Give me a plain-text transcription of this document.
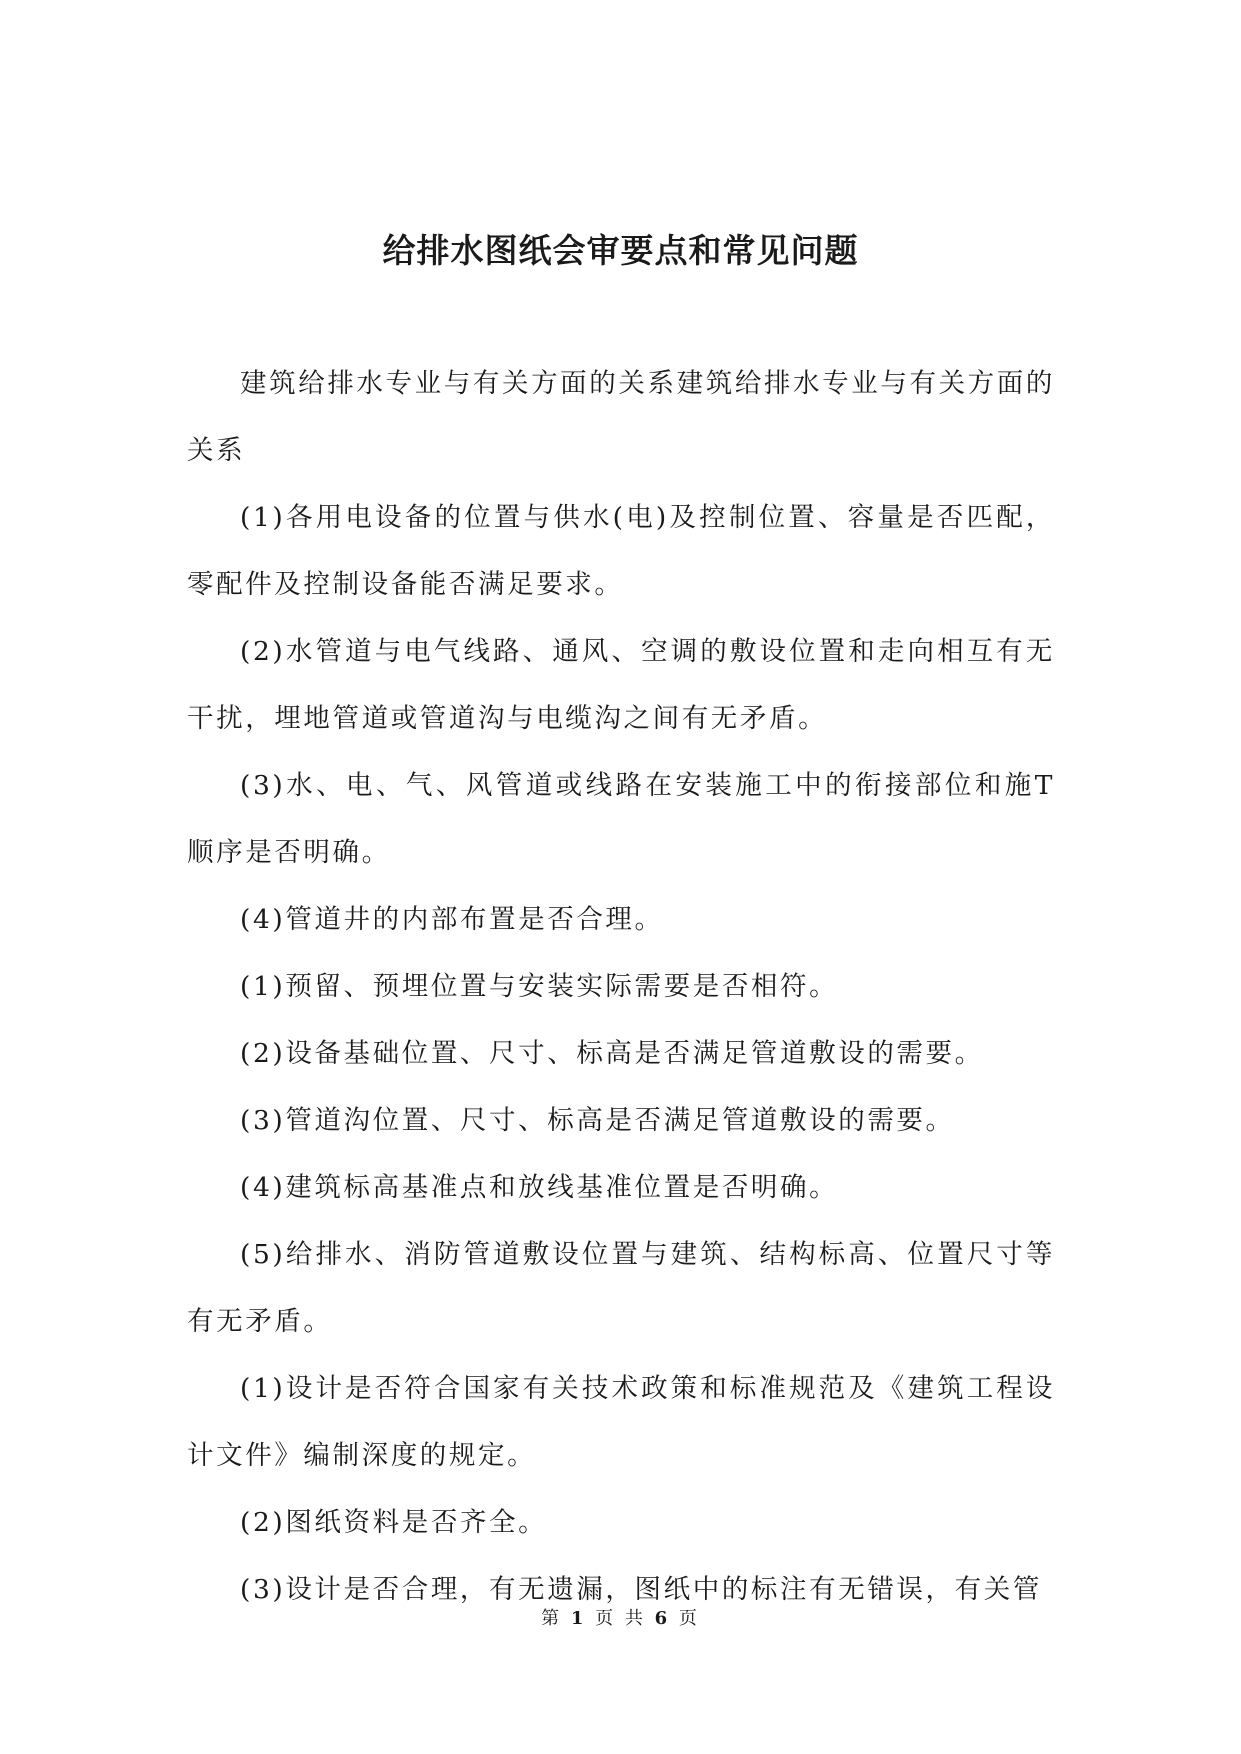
给排水图纸会审要点和常见问题

建筑给排水专业与有关方面的关系建筑给排水专业与有关方面的关系

(1)各用电设备的位置与供水(电)及控制位置、容量是否匹配，零配件及控制设备能否满足要求。

(2)水管道与电气线路、通风、空调的敷设位置和走向相互有无干扰，埋地管道或管道沟与电缆沟之间有无矛盾。

(3)水、电、气、风管道或线路在安装施工中的衔接部位和施T顺序是否明确。

(4)管道井的内部布置是否合理。

(1)预留、预埋位置与安装实际需要是否相符。

(2)设备基础位置、尺寸、标高是否满足管道敷设的需要。

(3)管道沟位置、尺寸、标高是否满足管道敷设的需要。

(4)建筑标高基准点和放线基准位置是否明确。

(5)给排水、消防管道敷设位置与建筑、结构标高、位置尺寸等有无矛盾。

(1)设计是否符合国家有关技术政策和标准规范及《建筑工程设计文件》编制深度的规定。

(2)图纸资料是否齐全。

(3)设计是否合理，有无遗漏，图纸中的标注有无错误，有关管

第 1 页 共 6 页
